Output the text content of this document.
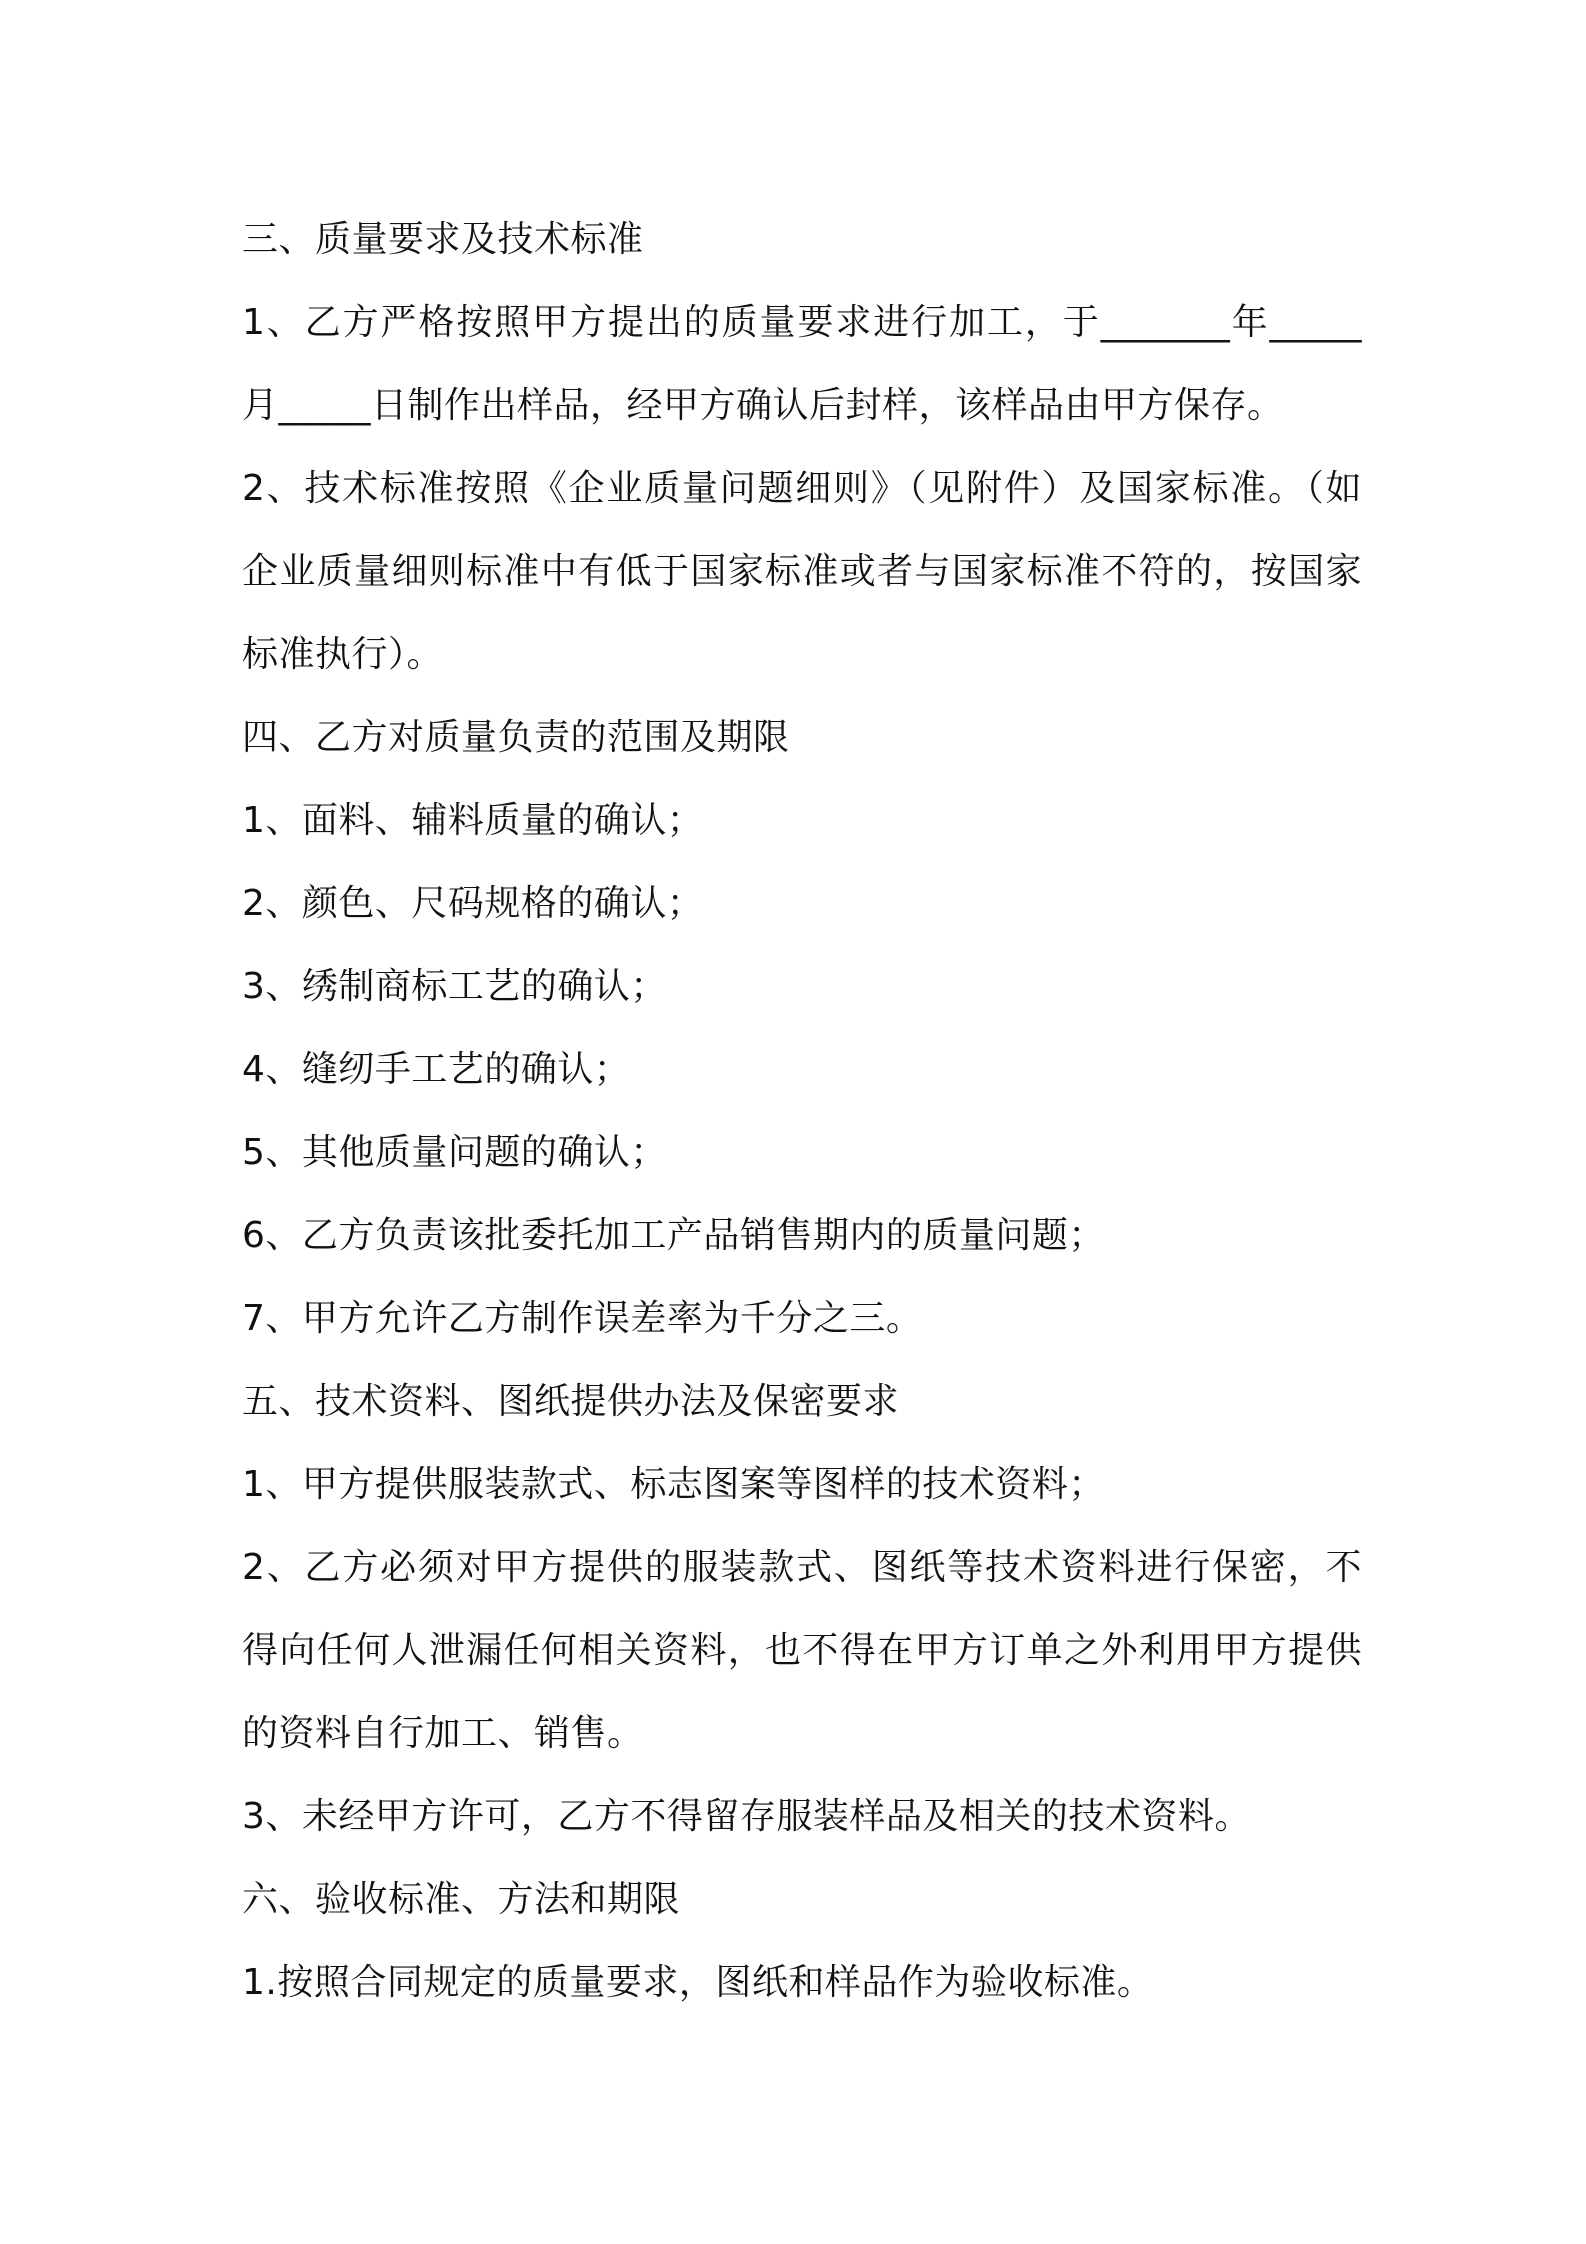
三、质量要求及技术标准
1、乙方严格按照甲方提出的质量要求进行加工，于_______年_____
月_____日制作出样品，经甲方确认后封样，该样品由甲方保存。
2、技术标准按照《企业质量问题细则》（见附件）及国家标准。（如
企业质量细则标准中有低于国家标准或者与国家标准不符的，按国家
标准执行）。
四、乙方对质量负责的范围及期限
1、面料、辅料质量的确认；
2、颜色、尺码规格的确认；
3、绣制商标工艺的确认；
4、缝纫手工艺的确认；
5、其他质量问题的确认；
6、乙方负责该批委托加工产品销售期内的质量问题；
7、甲方允许乙方制作误差率为千分之三。
五、技术资料、图纸提供办法及保密要求
1、甲方提供服装款式、标志图案等图样的技术资料；
2、乙方必须对甲方提供的服装款式、图纸等技术资料进行保密，不
得向任何人泄漏任何相关资料，也不得在甲方订单之外利用甲方提供
的资料自行加工、销售。
3、未经甲方许可，乙方不得留存服装样品及相关的技术资料。
六、验收标准、方法和期限
1.按照合同规定的质量要求，图纸和样品作为验收标准。
